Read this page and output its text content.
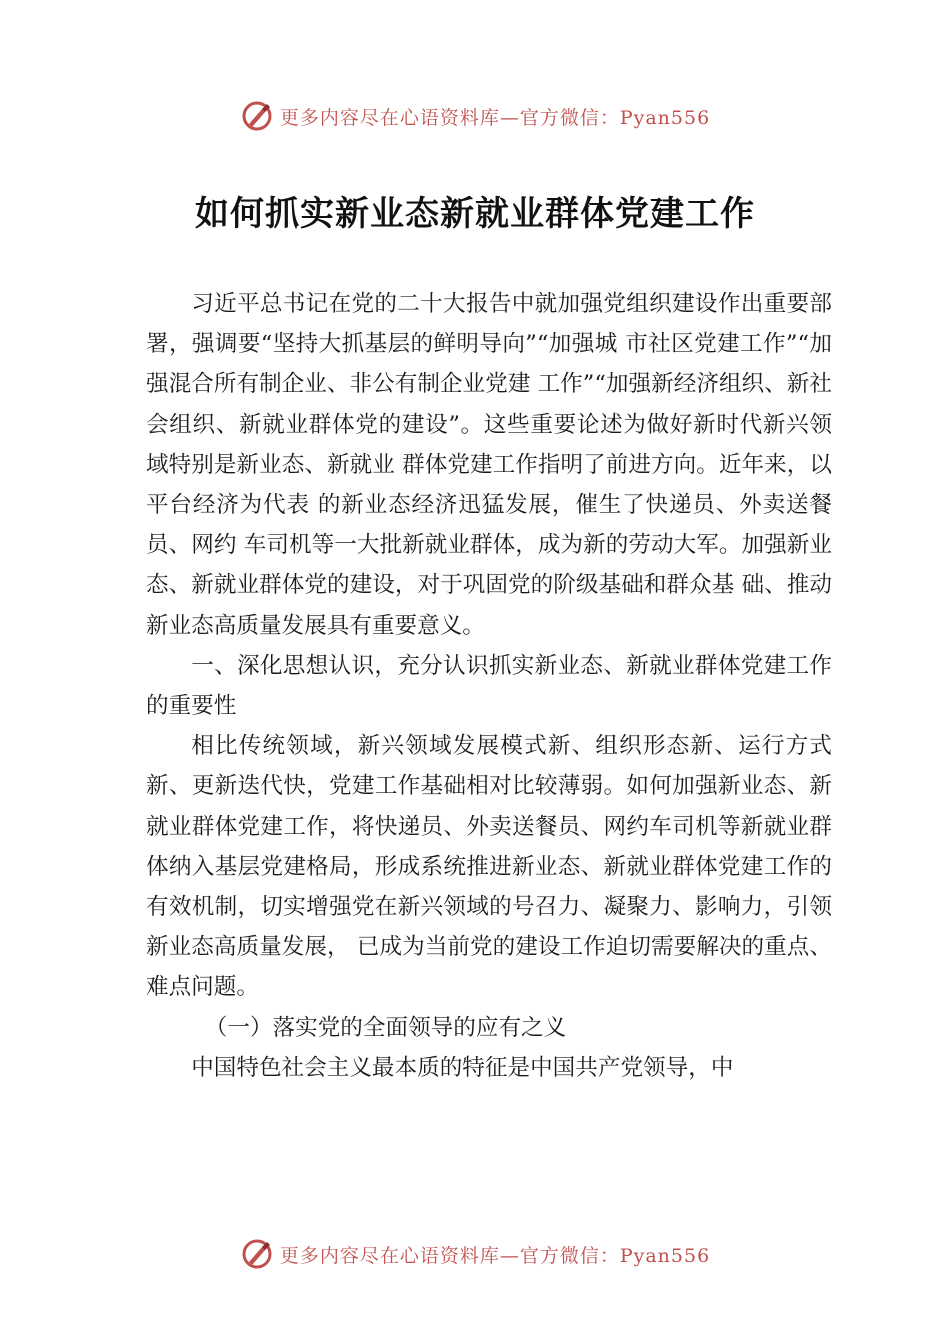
更多内容尽在心语资料库—官方微信：Pyan556
如何抓实新业态新就业群体党建工作

习近平总书记在党的二十大报告中就加强党组织建设作出重要部署，强调要“坚持大抓基层的鲜明导向”“加强城 市社区党建工作”“加强混合所有制企业、非公有制企业党建 工作”“加强新经济组织、新社会组织、新就业群体党的建设”。这些重要论述为做好新时代新兴领域特别是新业态、新就业 群体党建工作指明了前进方向。近年来，以平台经济为代表 的新业态经济迅猛发展，催生了快递员、外卖送餐员、网约 车司机等一大批新就业群体，成为新的劳动大军。加强新业 态、新就业群体党的建设，对于巩固党的阶级基础和群众基 础、推动新业态高质量发展具有重要意义。

一、深化思想认识，充分认识抓实新业态、新就业群体党建工作的重要性

相比传统领域，新兴领域发展模式新、组织形态新、运行方式新、更新迭代快，党建工作基础相对比较薄弱。如何加强新业态、新就业群体党建工作，将快递员、外卖送餐员、网约车司机等新就业群体纳入基层党建格局，形成系统推进新业态、新就业群体党建工作的有效机制，切实增强党在新兴领域的号召力、凝聚力、影响力，引领新业态高质量发展， 已成为当前党的建设工作迫切需要解决的重点、难点问题。

（一）落实党的全面领导的应有之义

中国特色社会主义最本质的特征是中国共产党领导，中

更多内容尽在心语资料库—官方微信：Pyan556
